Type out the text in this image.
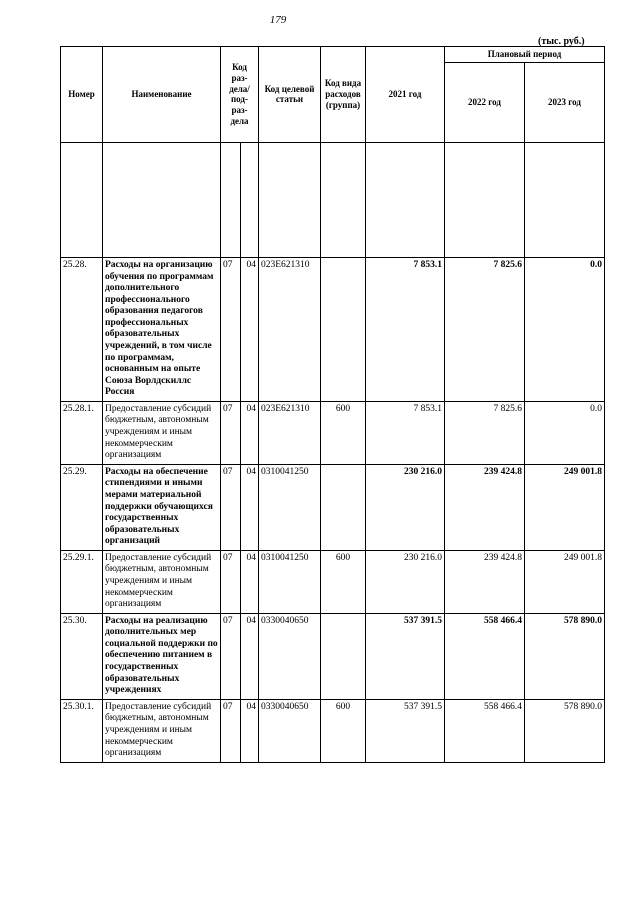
179
(тыс. руб.)
Номер	Наименование	Код раз- дела/ под- раз- дела		Код целевой статьи	Код вида расходов (группа)	2021 год	Плановый период	
							2022 год	2023 год

25.28.	Расходы на организацию обучения по программам дополнительного профессионального образования педагогов профессиональных образовательных учреждений, в том числе по программам, основанным на опыте Союза Ворлдскиллс Россия	07	04	023E621310		7 853.1	7 825.6	0.0
25.28.1.	Предоставление субсидий бюджетным, автономным учреждениям и иным некоммерческим организациям	07	04	023E621310	600	7 853.1	7 825.6	0.0
25.29.	Расходы на обеспечение стипендиями и иными мерами материальной поддержки обучающихся государственных образовательных организаций	07	04	0310041250		230 216.0	239 424.8	249 001.8
25.29.1.	Предоставление субсидий бюджетным, автономным учреждениям и иным некоммерческим организациям	07	04	0310041250	600	230 216.0	239 424.8	249 001.8
25.30.	Расходы на реализацию дополнительных мер социальной поддержки по обеспечению питанием в государственных образовательных учреждениях	07	04	0330040650		537 391.5	558 466.4	578 890.0
25.30.1.	Предоставление субсидий бюджетным, автономным учреждениям и иным некоммерческим организациям	07	04	0330040650	600	537 391.5	558 466.4	578 890.0
